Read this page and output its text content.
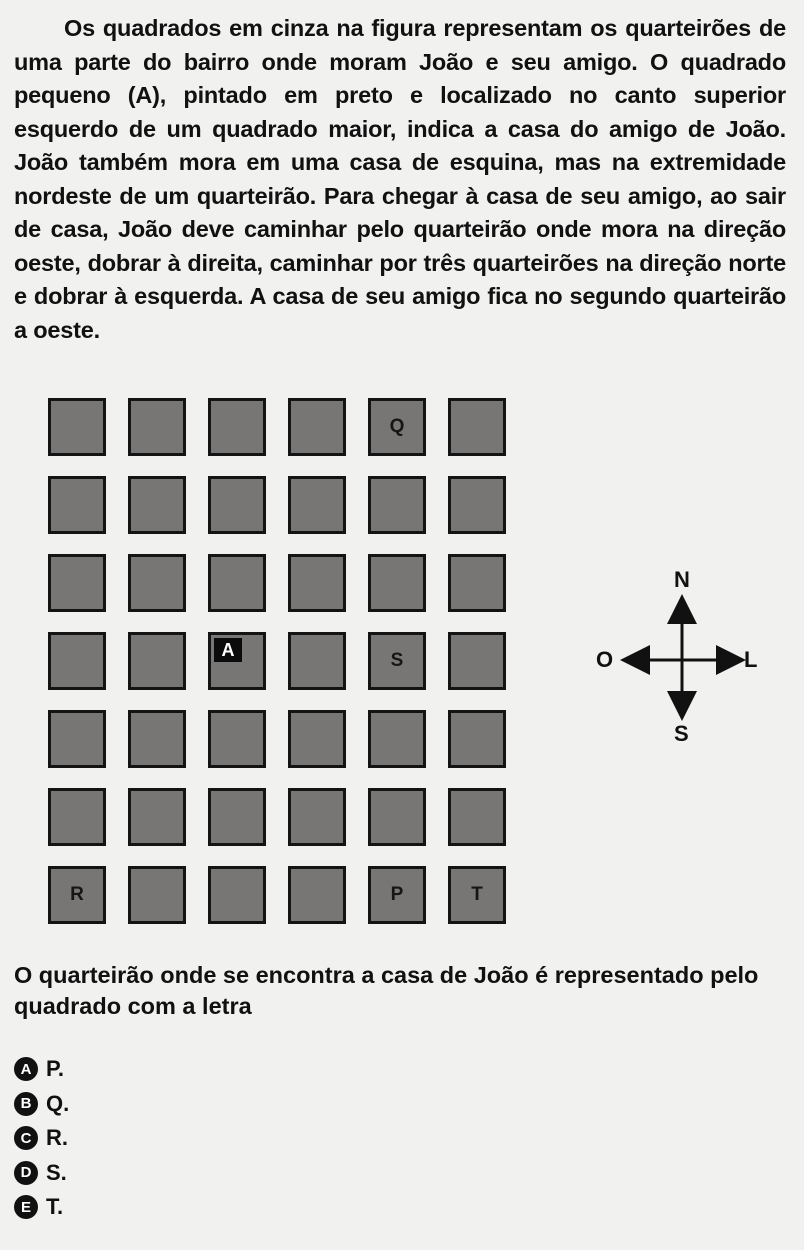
Os quadrados em cinza na figura representam os quarteirões de uma parte do bairro onde moram João e seu amigo. O quadrado pequeno (A), pintado em preto e localizado no canto superior esquerdo de um quadrado maior, indica a casa do amigo de João. João também mora em uma casa de esquina, mas na extremidade nordeste de um quarteirão. Para chegar à casa de seu amigo, ao sair de casa, João deve caminhar pelo quarteirão onde mora na direção oeste, dobrar à direita, caminhar por três quarteirões na direção norte e dobrar à esquerda. A casa de seu amigo fica no segundo quarteirão a oeste.
Q
A
S
R	P	T
N
S
O	L
O quarteirão onde se encontra a casa de João é representado pelo quadrado com a letra
A P.
B Q.
C R.
D S.
E T.
